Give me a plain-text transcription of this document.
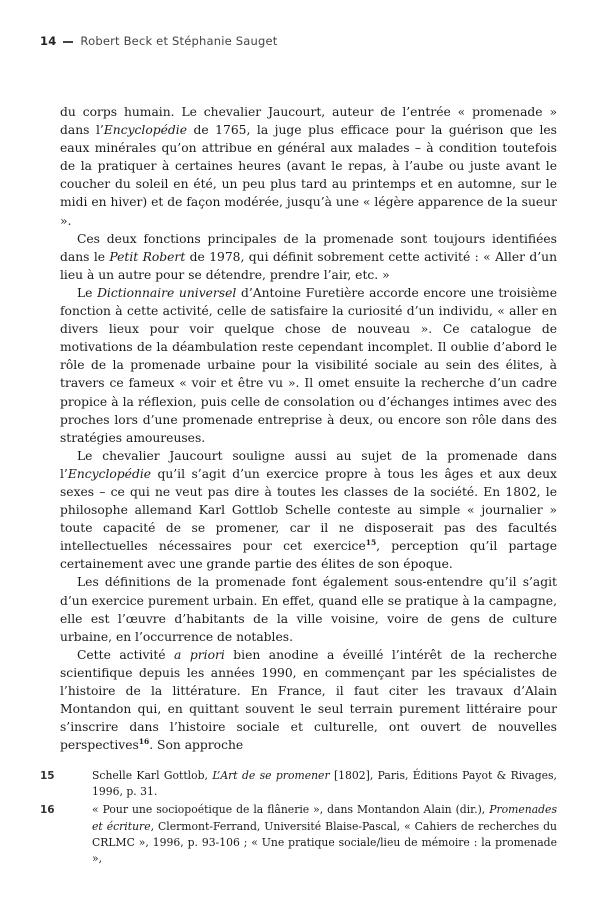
14 Robert Beck et Stéphanie Sauget

du corps humain. Le chevalier Jaucourt, auteur de l’entrée « promenade » dans l’Encyclopédie de 1765, la juge plus efficace pour la guérison que les eaux minérales qu’on attribue en général aux malades – à condition toutefois de la pratiquer à certaines heures (avant le repas, à l’aube ou juste avant le coucher du soleil en été, un peu plus tard au printemps et en automne, sur le midi en hiver) et de façon modérée, jusqu’à une « légère apparence de la sueur ».

Ces deux fonctions principales de la promenade sont toujours identifiées dans le Petit Robert de 1978, qui définit sobrement cette activité : « Aller d’un lieu à un autre pour se détendre, prendre l’air, etc. »

Le Dictionnaire universel d’Antoine Furetière accorde encore une troisième fonction à cette activité, celle de satisfaire la curiosité d’un individu, « aller en divers lieux pour voir quelque chose de nouveau ». Ce catalogue de motivations de la déambulation reste cependant incomplet. Il oublie d’abord le rôle de la promenade urbaine pour la visibilité sociale au sein des élites, à travers ce fameux « voir et être vu ». Il omet ensuite la recherche d’un cadre propice à la réflexion, puis celle de consolation ou d’échanges intimes avec des proches lors d’une promenade entreprise à deux, ou encore son rôle dans des stratégies amoureuses.

Le chevalier Jaucourt souligne aussi au sujet de la promenade dans l’Encyclopédie qu’il s’agit d’un exercice propre à tous les âges et aux deux sexes – ce qui ne veut pas dire à toutes les classes de la société. En 1802, le philosophe allemand Karl Gottlob Schelle conteste au simple « journalier » toute capacité de se promener, car il ne disposerait pas des facultés intellectuelles nécessaires pour cet exercice$^{15}$, perception qu’il partage certainement avec une grande partie des élites de son époque.

Les définitions de la promenade font également sous-entendre qu’il s’agit d’un exercice purement urbain. En effet, quand elle se pratique à la campagne, elle est l’œuvre d’habitants de la ville voisine, voire de gens de culture urbaine, en l’occurrence de notables.

Cette activité a priori bien anodine a éveillé l’intérêt de la recherche scientifique depuis les années 1990, en commençant par les spécialistes de l’histoire de la littérature. En France, il faut citer les travaux d’Alain Montandon qui, en quittant souvent le seul terrain purement littéraire pour s’inscrire dans l’histoire sociale et culturelle, ont ouvert de nouvelles perspectives$^{16}$. Son approche

15	Schelle Karl Gottlob, L’Art de se promener [1802], Paris, Éditions Payot & Rivages, 1996, p. 31.
16	« Pour une sociopoétique de la flânerie », dans Montandon Alain (dir.), Promenades et écriture, Clermont-Ferrand, Université Blaise-Pascal, « Cahiers de recherches du CRLMC », 1996, p. 93-106 ; « Une pratique sociale/lieu de mémoire : la promenade »,
